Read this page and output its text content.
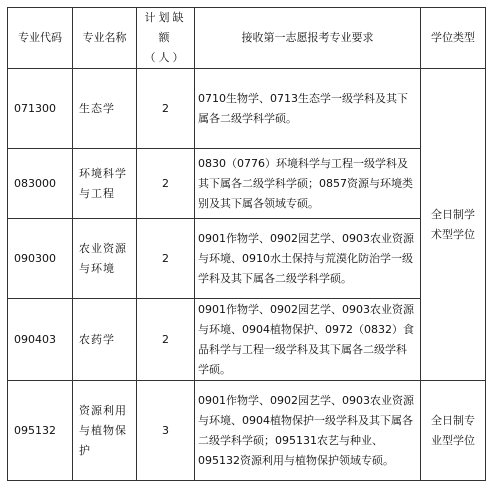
专业代码	专业名称	计划缺额（人）	接收第一志愿报考专业要求	学位类型
071300	生态学	2	0710生物学、0713生态学一级学科及其下属各二级学科学硕。	全日制学术型学位
083000	环境科学与工程	2	0830（0776）环境科学与工程一级学科及其下属各二级学科学硕；0857资源与环境类别及其下属各领域专硕。	
090300	农业资源与环境	2	0901作物学、0902园艺学、0903农业资源与环境、0910水土保持与荒漠化防治学一级学科及其下属各二级学科学硕。	
090403	农药学	2	0901作物学、0902园艺学、0903农业资源与环境、0904植物保护、0972（0832）食品科学与工程一级学科及其下属各二级学科学硕。	
095132	资源利用与植物保护	3	0901作物学、0902园艺学、0903农业资源与环境、0904植物保护一级学科及其下属各二级学科学硕；095131农艺与种业、095132资源利用与植物保护领域专硕。	全日制专业型学位
